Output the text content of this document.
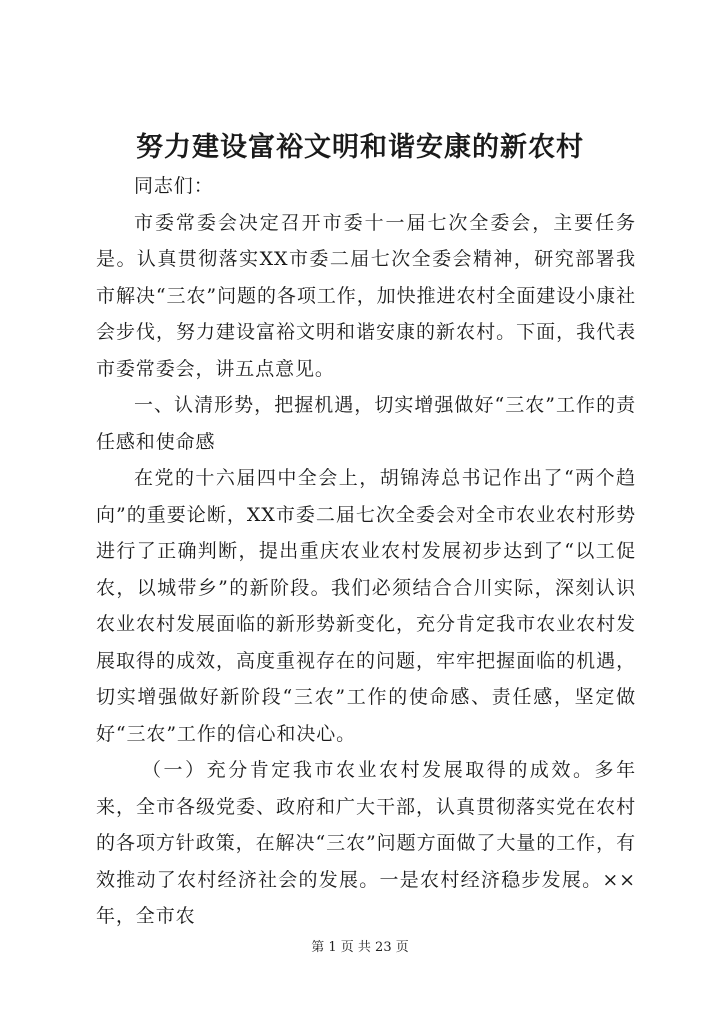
努力建设富裕文明和谐安康的新农村

同志们：

市委常委会决定召开市委十一届七次全委会，主要任务是。认真贯彻落实XX市委二届七次全委会精神，研究部署我市解决“三农”问题的各项工作，加快推进农村全面建设小康社会步伐，努力建设富裕文明和谐安康的新农村。下面，我代表市委常委会，讲五点意见。

一、认清形势，把握机遇，切实增强做好“三农”工作的责任感和使命感

在党的十六届四中全会上，胡锦涛总书记作出了“两个趋向”的重要论断，XX市委二届七次全委会对全市农业农村形势进行了正确判断，提出重庆农业农村发展初步达到了“以工促农，以城带乡”的新阶段。我们必须结合合川实际，深刻认识农业农村发展面临的新形势新变化，充分肯定我市农业农村发展取得的成效，高度重视存在的问题，牢牢把握面临的机遇，切实增强做好新阶段“三农”工作的使命感、责任感，坚定做好“三农”工作的信心和决心。

（一）充分肯定我市农业农村发展取得的成效。多年来，全市各级党委、政府和广大干部，认真贯彻落实党在农村的各项方针政策，在解决“三农”问题方面做了大量的工作，有效推动了农村经济社会的发展。一是农村经济稳步发展。××年，全市农

第 1 页 共 23 页
